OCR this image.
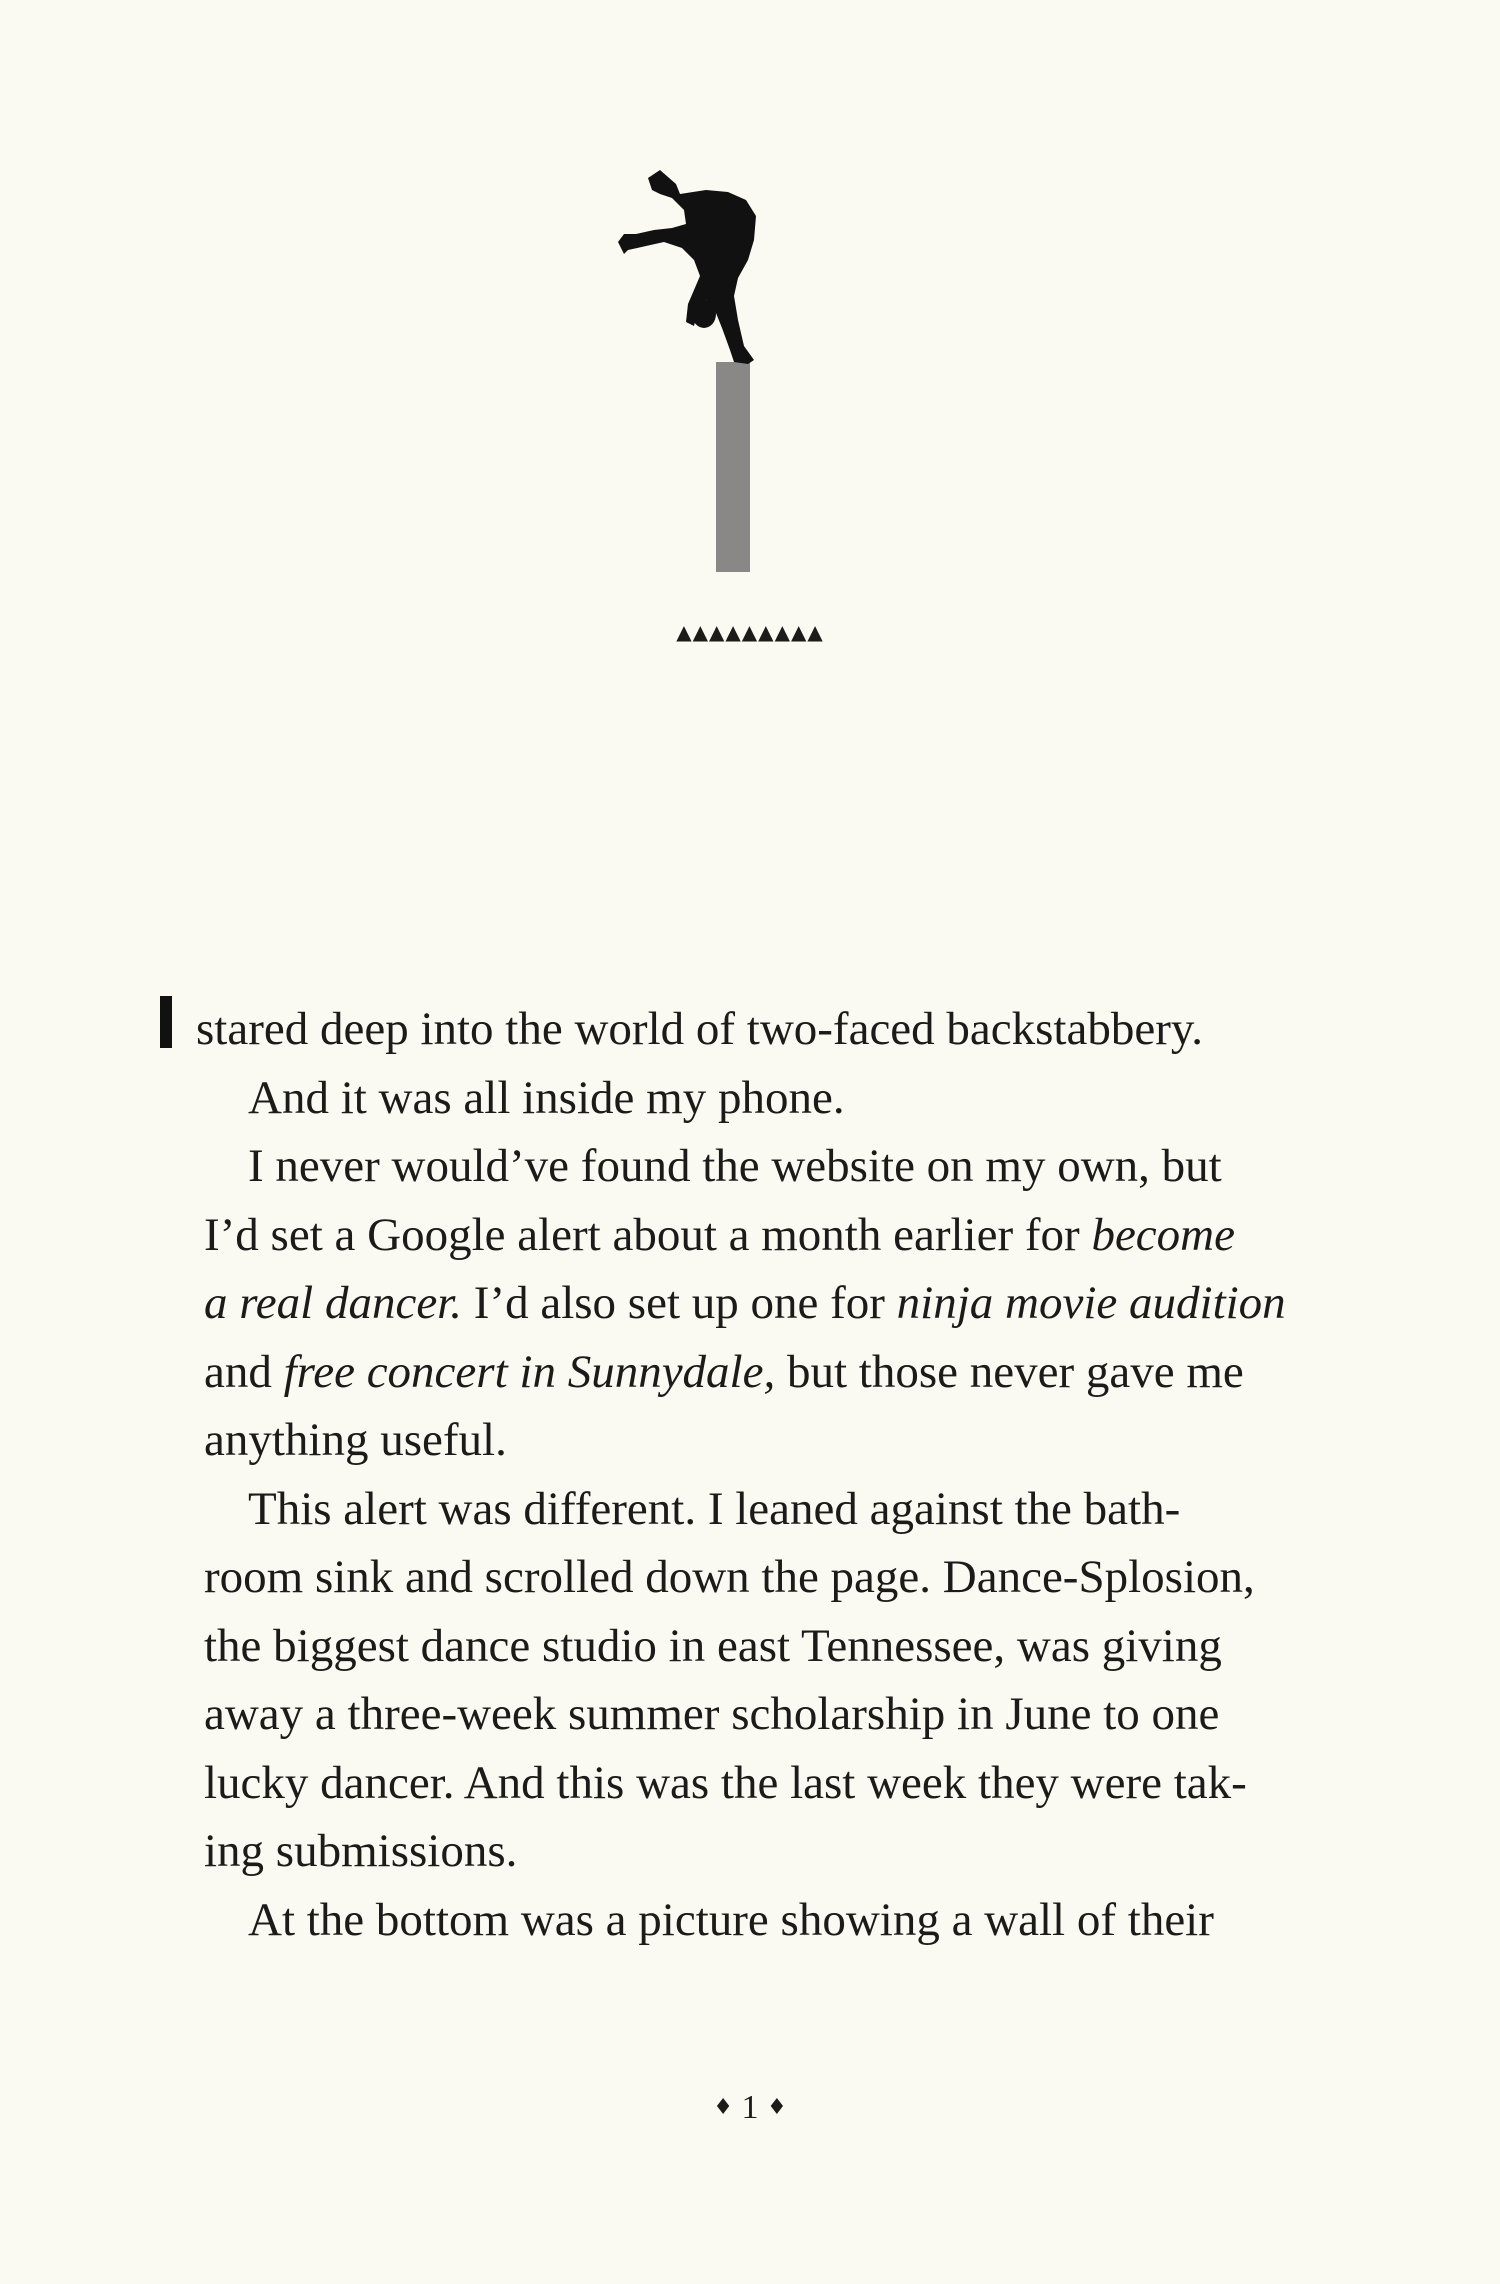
▲▲▲▲▲▲▲▲▲

stared deep into the world of two-faced backstabbery.

And it was all inside my phone.

I never would’ve found the website on my own, but
I’d set a Google alert about a month earlier for become
a real dancer. I’d also set up one for ninja movie audition
and free concert in Sunnydale, but those never gave me
anything useful.

This alert was different. I leaned against the bath-
room sink and scrolled down the page. Dance-Splosion,
the biggest dance studio in east Tennessee, was giving
away a three-week summer scholarship in June to one
lucky dancer. And this was the last week they were tak-
ing submissions.

At the bottom was a picture showing a wall of their

♦ 1 ♦
